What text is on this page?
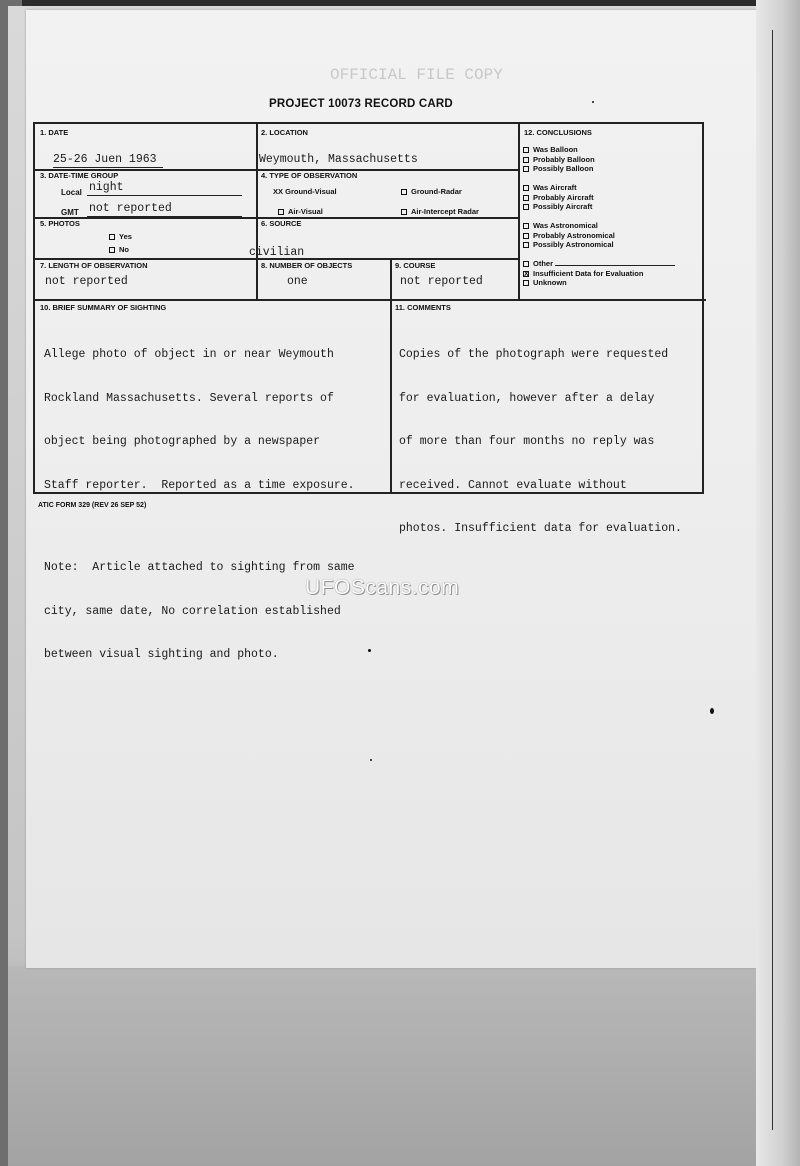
OFFICIAL FILE COPY
PROJECT 10073 RECORD CARD
1. DATE
25-26 Juen 1963
2. LOCATION
Weymouth, Massachusetts
3. DATE-TIME GROUP
Local night
GMT not reported
4. TYPE OF OBSERVATION
XX Ground-Visual	Ground-Radar
Air-Visual	Air-Intercept Radar
5. PHOTOS
Yes
No
6. SOURCE
civilian
7. LENGTH OF OBSERVATION
not reported
8. NUMBER OF OBJECTS
one
9. COURSE
not reported
12. CONCLUSIONS
Was Balloon
Probably Balloon
Possibly Balloon
Was Aircraft
Probably Aircraft
Possibly Aircraft
Was Astronomical
Probably Astronomical
Possibly Astronomical
Other
X Insufficient Data for Evaluation
Unknown
10. BRIEF SUMMARY OF SIGHTING

Allege photo of object in or near Weymouth

Rockland Massachusetts. Several reports of

object being photographed by a newspaper

Staff reporter.  Reported as a time exposure.

Note:  Article attached to sighting from same

city, same date, No correlation established

between visual sighting and photo.

11. COMMENTS

Copies of the photograph were requested

for evaluation, however after a delay

of more than four months no reply was

received. Cannot evaluate without

photos. Insufficient data for evaluation.

ATIC FORM 329 (REV 26 SEP 52)
UFOScans.com
